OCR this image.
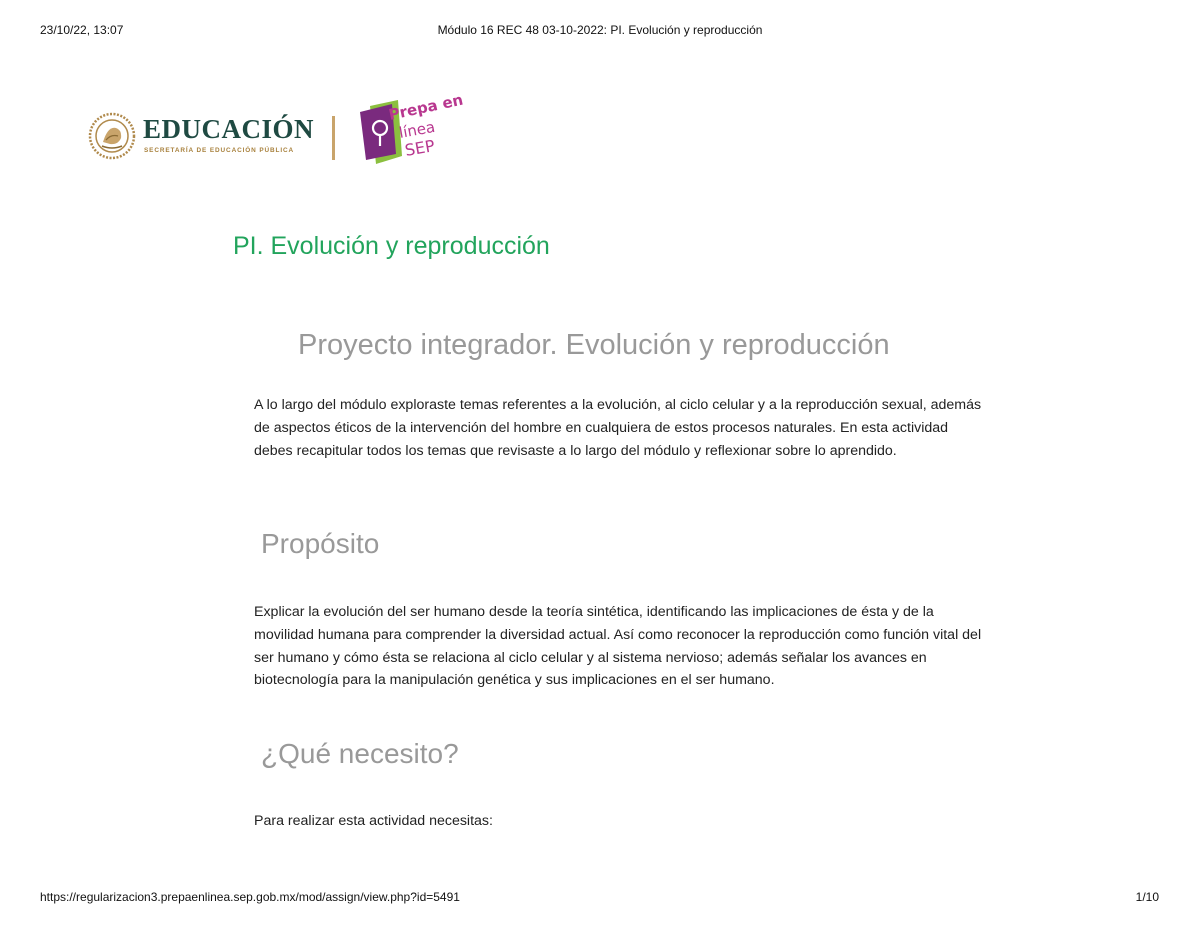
23/10/22, 13:07	Módulo 16 REC 48 03-10-2022: PI. Evolución y reproducción
EDUCACIÓN
SECRETARÍA DE EDUCACIÓN PÚBLICA
Prepa en
línea
SEP
PI. Evolución y reproducción
Proyecto integrador. Evolución y reproducción

A lo largo del módulo exploraste temas referentes a la evolución, al ciclo celular y a la reproducción sexual, además de aspectos éticos de la intervención del hombre en cualquiera de estos procesos naturales. En esta actividad debes recapitular todos los temas que revisaste a lo largo del módulo y reflexionar sobre lo aprendido.

Propósito

Explicar la evolución del ser humano desde la teoría sintética, identificando las implicaciones de ésta y de la movilidad humana para comprender la diversidad actual. Así como reconocer la reproducción como función vital del ser humano y cómo ésta se relaciona al ciclo celular y al sistema nervioso; además señalar los avances en biotecnología para la manipulación genética y sus implicaciones en el ser humano.

¿Qué necesito?

Para realizar esta actividad necesitas:

https://regularizacion3.prepaenlinea.sep.gob.mx/mod/assign/view.php?id=5491	1/10
